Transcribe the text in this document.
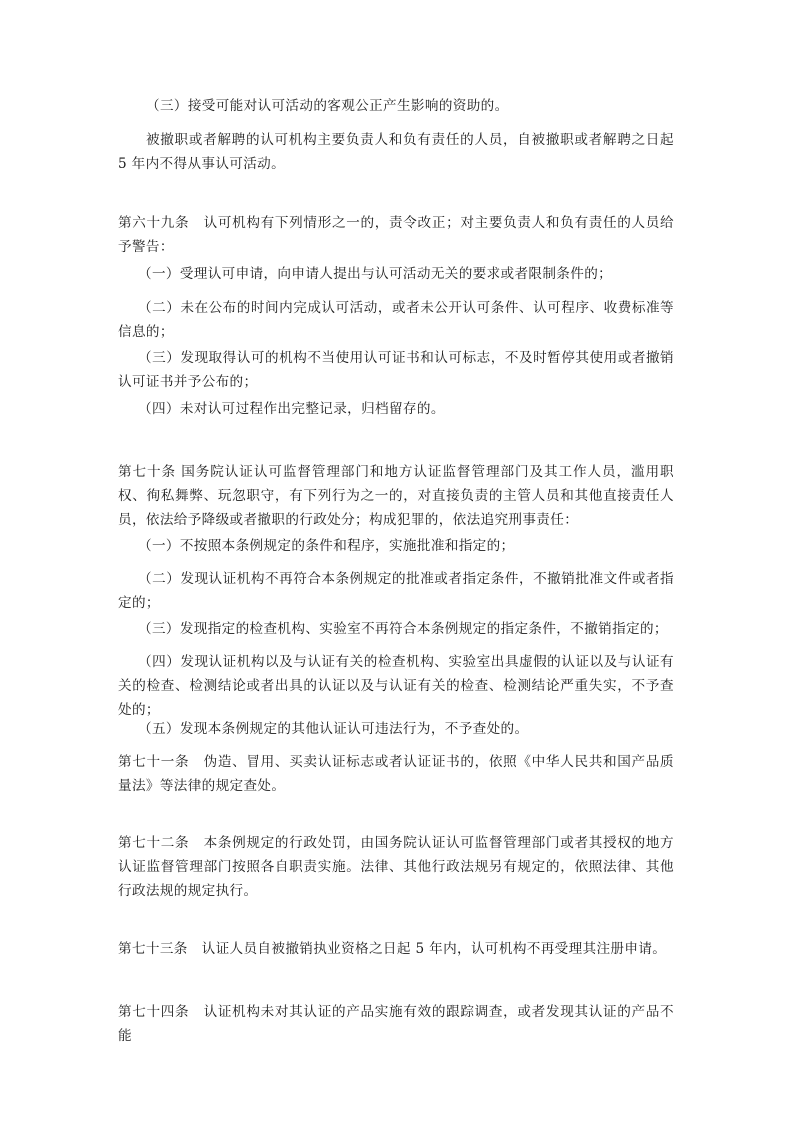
（三）接受可能对认可活动的客观公正产生影响的资助的。

被撤职或者解聘的认可机构主要负责人和负有责任的人员，自被撤职或者解聘之日起 5 年内不得从事认可活动。

第六十九条　认可机构有下列情形之一的，责令改正；对主要负责人和负有责任的人员给予警告：

（一）受理认可申请，向申请人提出与认可活动无关的要求或者限制条件的；

（二）未在公布的时间内完成认可活动，或者未公开认可条件、认可程序、收费标准等信息的；

（三）发现取得认可的机构不当使用认可证书和认可标志，不及时暂停其使用或者撤销认可证书并予公布的；

（四）未对认可过程作出完整记录，归档留存的。

第七十条 国务院认证认可监督管理部门和地方认证监督管理部门及其工作人员，滥用职权、徇私舞弊、玩忽职守，有下列行为之一的，对直接负责的主管人员和其他直接责任人员，依法给予降级或者撤职的行政处分；构成犯罪的，依法追究刑事责任：

（一）不按照本条例规定的条件和程序，实施批准和指定的；

（二）发现认证机构不再符合本条例规定的批准或者指定条件，不撤销批准文件或者指定的；

（三）发现指定的检查机构、实验室不再符合本条例规定的指定条件，不撤销指定的；

（四）发现认证机构以及与认证有关的检查机构、实验室出具虚假的认证以及与认证有关的检查、检测结论或者出具的认证以及与认证有关的检查、检测结论严重失实，不予查处的；

（五）发现本条例规定的其他认证认可违法行为，不予查处的。

第七十一条　伪造、冒用、买卖认证标志或者认证证书的，依照《中华人民共和国产品质量法》等法律的规定查处。

第七十二条　本条例规定的行政处罚，由国务院认证认可监督管理部门或者其授权的地方认证监督管理部门按照各自职责实施。法律、其他行政法规另有规定的，依照法律、其他行政法规的规定执行。

第七十三条　认证人员自被撤销执业资格之日起 5 年内，认可机构不再受理其注册申请。

第七十四条　认证机构未对其认证的产品实施有效的跟踪调查，或者发现其认证的产品不能
